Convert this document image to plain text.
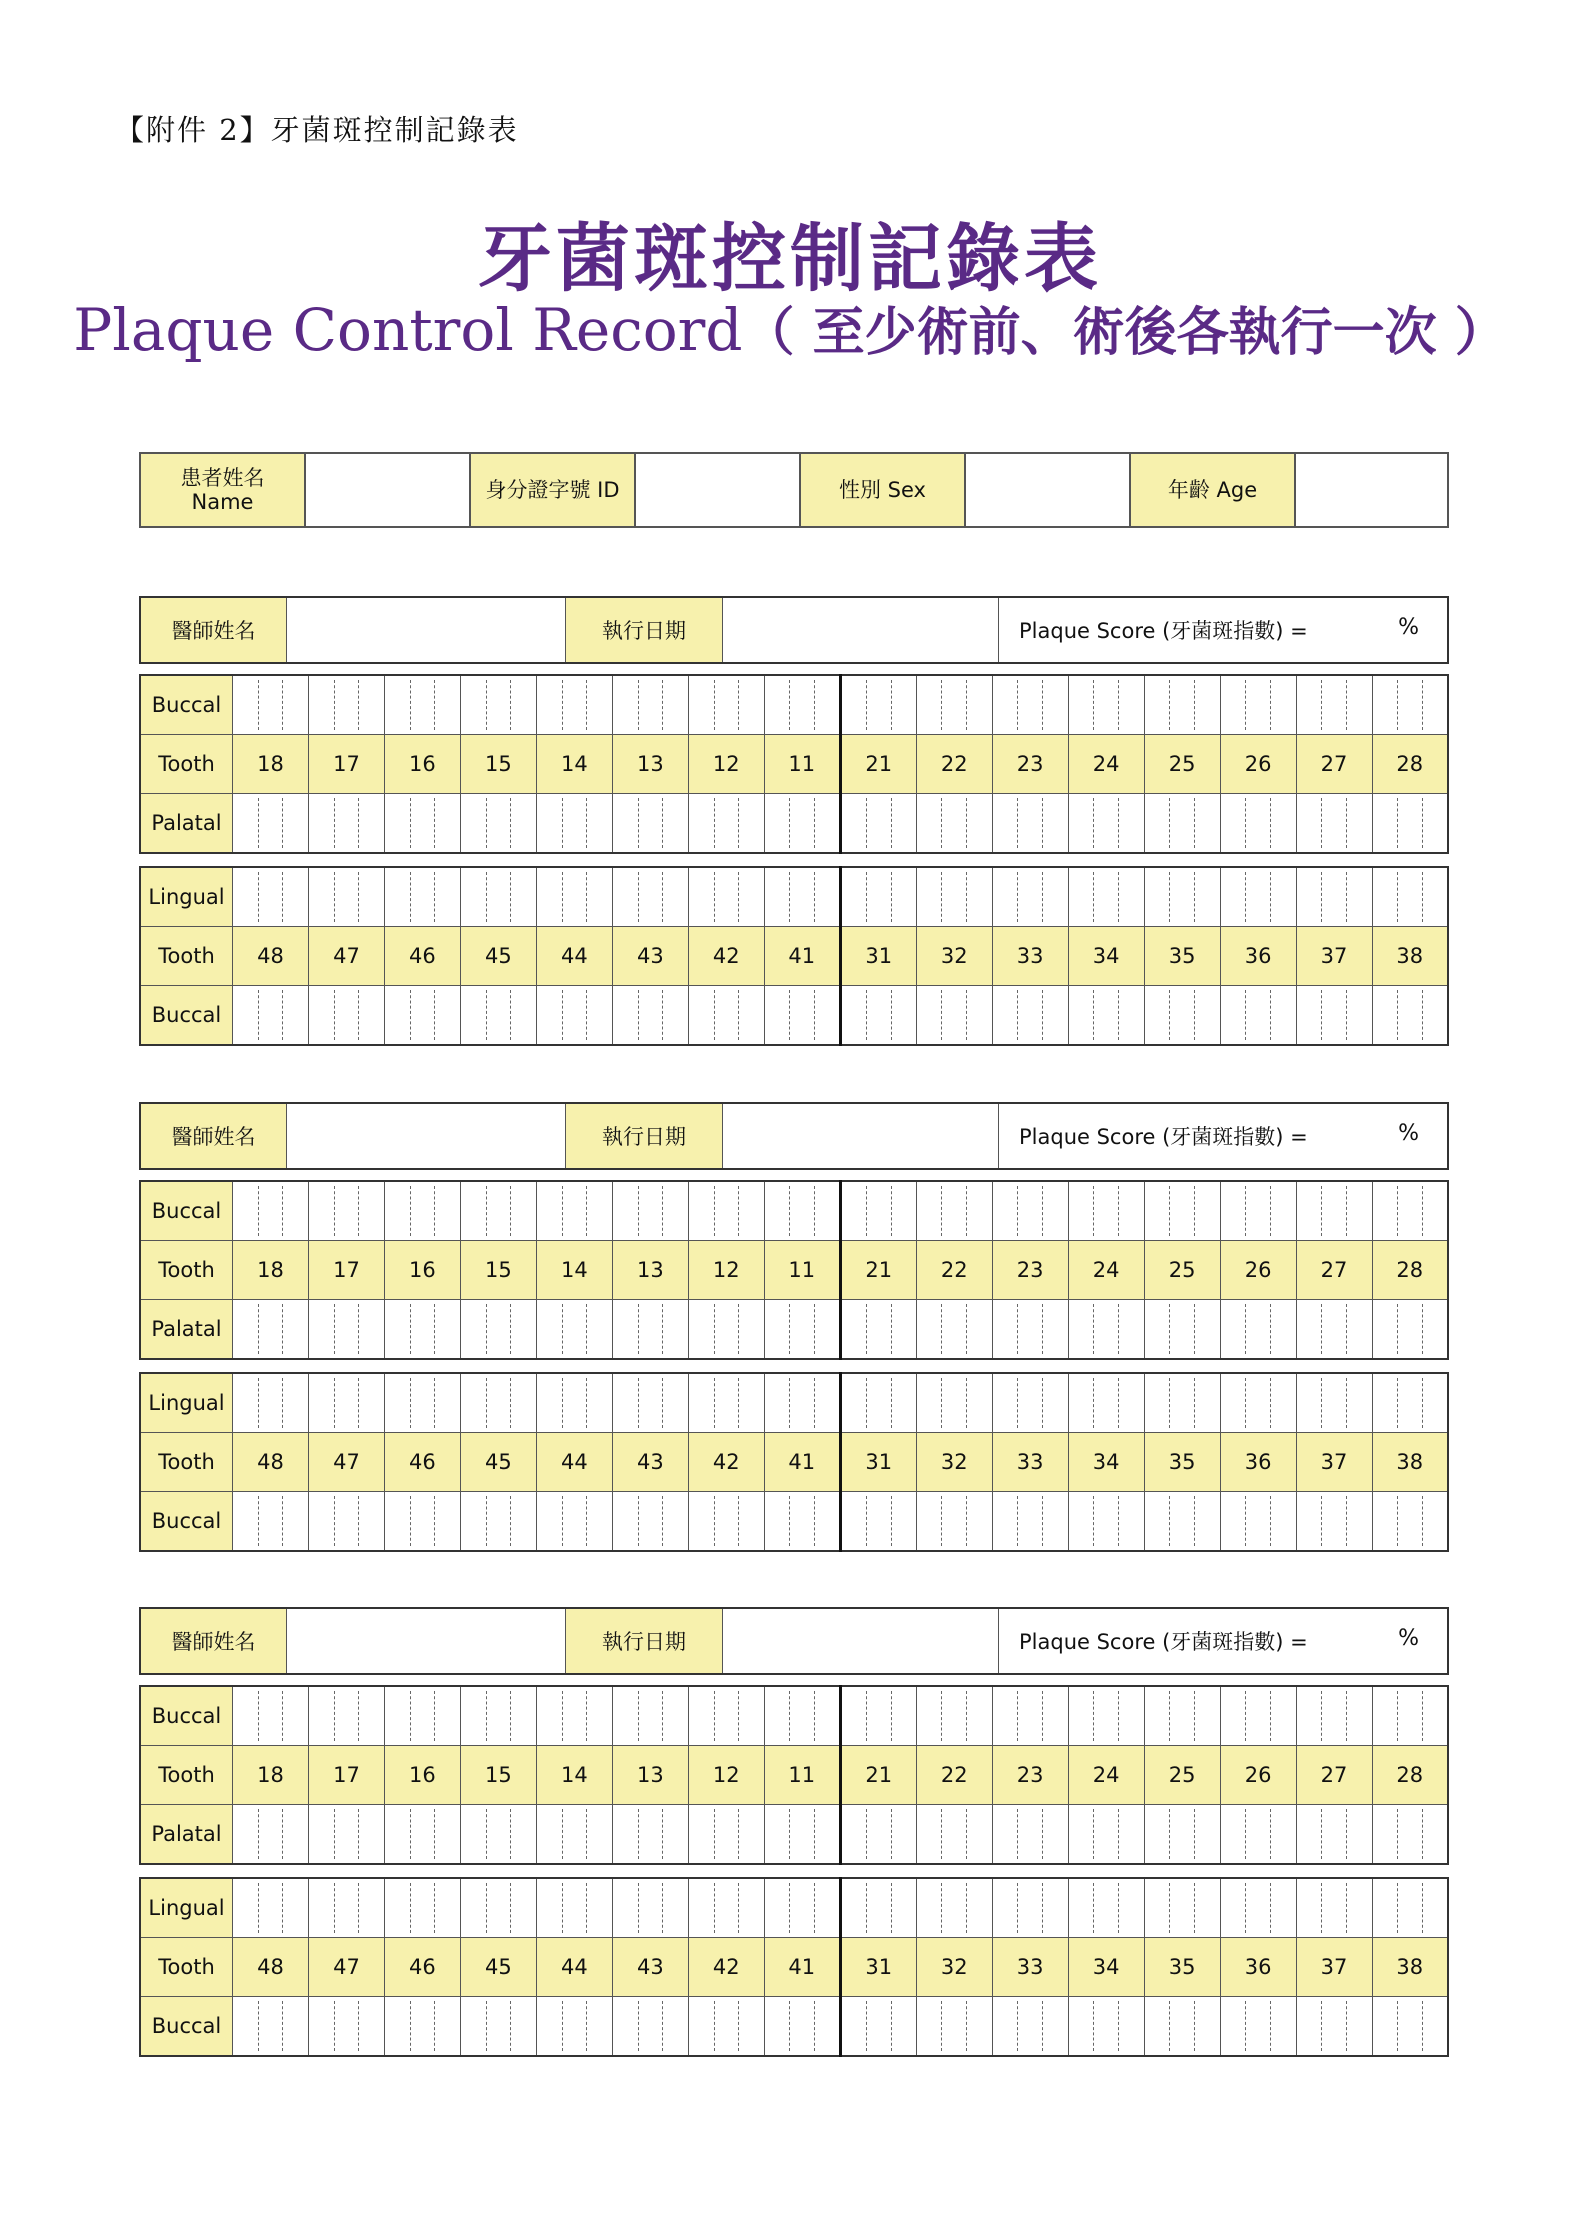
【附件 2】牙菌斑控制記錄表
牙菌斑控制記錄表
Plaque Control Record（ 至少術前、術後各執行一次 ）
患者姓名
Name		身分證字號 ID		性別 Sex		年齡 Age	
醫師姓名		執行日期		Plaque Score (牙菌斑指數) =	%
Buccal	

Tooth	18	17	16	15	14	13	12	11	21	22	23	24	25	26	27	28
Palatal	

Lingual	

Tooth	48	47	46	45	44	43	42	41	31	32	33	34	35	36	37	38
Buccal	

醫師姓名		執行日期		Plaque Score (牙菌斑指數) =	%
Buccal	

Tooth	18	17	16	15	14	13	12	11	21	22	23	24	25	26	27	28
Palatal	

Lingual	

Tooth	48	47	46	45	44	43	42	41	31	32	33	34	35	36	37	38
Buccal	

醫師姓名		執行日期		Plaque Score (牙菌斑指數) =	%
Buccal	

Tooth	18	17	16	15	14	13	12	11	21	22	23	24	25	26	27	28
Palatal	

Lingual	

Tooth	48	47	46	45	44	43	42	41	31	32	33	34	35	36	37	38
Buccal	
